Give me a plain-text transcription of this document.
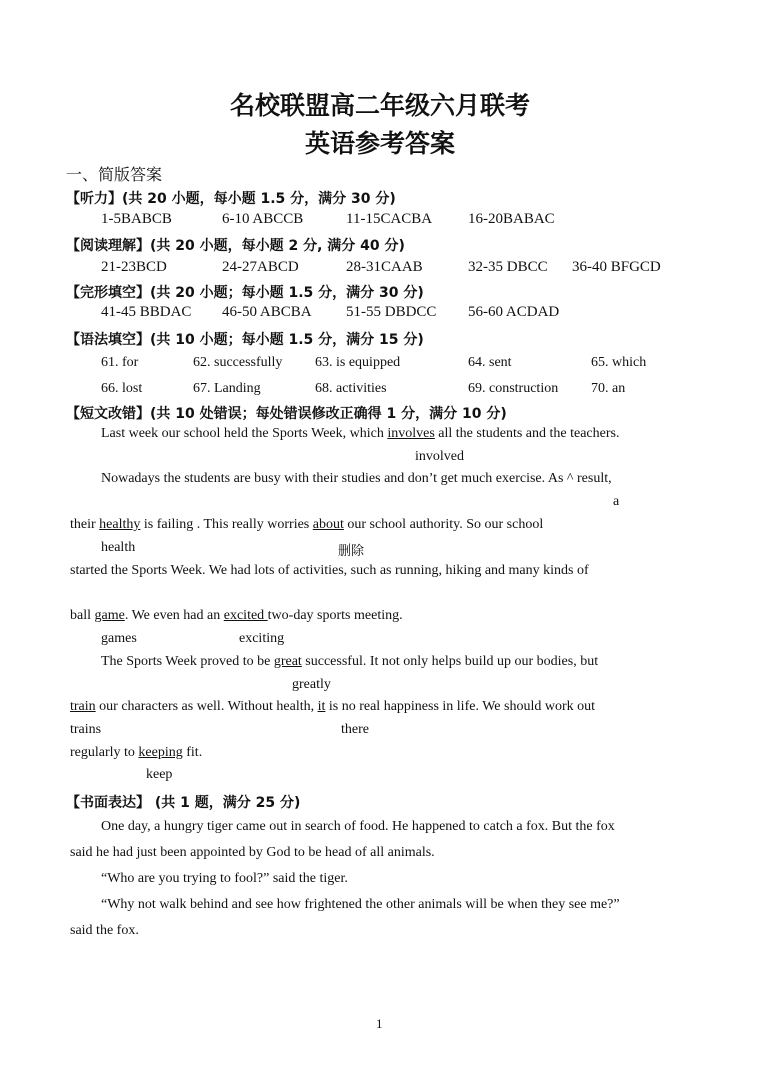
名校联盟高二年级六月联考
英语参考答案
一、简版答案
【听力】(共 20 小题，每小题 1.5 分，满分 30 分)
1-5BABCB	6-10 ABCCB	11-15CACBA 16-20BABAC
【阅读理解】(共 20 小题，每小题 2 分, 满分 40 分)
21-23BCD	24-27ABCD	28-31CAAB	32-35 DBCC 36-40 BFGCD
【完形填空】(共 20 小题；每小题 1.5 分，满分 30 分)
41-45 BBDAC 46-50 ABCBA 51-55 DBDCC 56-60 ACDAD
【语法填空】(共 10 小题；每小题 1.5 分，满分 15 分)
61. for	62. successfully 63. is equipped	64. sent	65. which
66. lost	67. Landing	68. activities	69. construction 70. an
【短文改错】(共 10 处错误；每处错误修改正确得 1 分，满分 10 分)
Last week our school held the Sports Week, which involves all the students and the teachers.
involved
Nowadays the students are busy with their studies and don’t get much exercise. As ^ result,
a
their healthy is failing . This really worries about our school authority. So our school
health	删除
started the Sports Week. We had lots of activities, such as running, hiking and many kinds of
ball game. We even had an excited two-day sports meeting.
games	exciting
The Sports Week proved to be great successful. It not only helps build up our bodies, but
greatly
train our characters as well. Without health, it is no real happiness in life. We should work out
trains	there
regularly to keeping fit.
keep
【书面表达】 (共 1 题，满分 25 分)
One day, a hungry tiger came out in search of food. He happened to catch a fox. But the fox
said he had just been appointed by God to be head of all animals.
“Who are you trying to fool?” said the tiger.
“Why not walk behind and see how frightened the other animals will be when they see me?”
said the fox.
1
